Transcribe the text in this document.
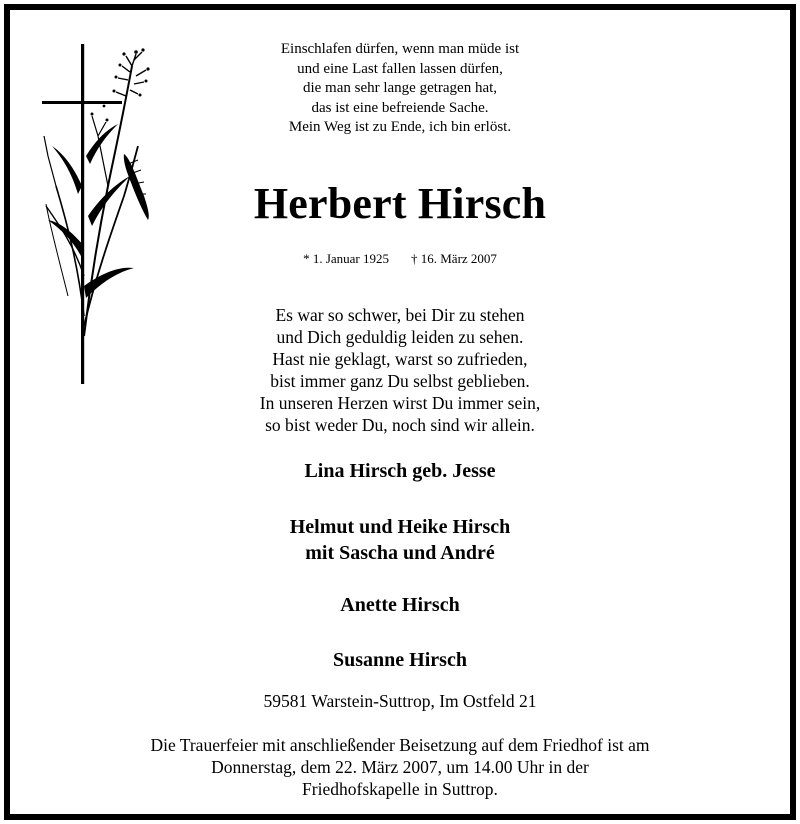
Einschlafen dürfen, wenn man müde ist
und eine Last fallen lassen dürfen,
die man sehr lange getragen hat,
das ist eine befreiende Sache.
Mein Weg ist zu Ende, ich bin erlöst.
Herbert Hirsch
* 1. Januar 1925 † 16. März 2007
Es war so schwer, bei Dir zu stehen
und Dich geduldig leiden zu sehen.
Hast nie geklagt, warst so zufrieden,
bist immer ganz Du selbst geblieben.
In unseren Herzen wirst Du immer sein,
so bist weder Du, noch sind wir allein.
Lina Hirsch geb. Jesse
Helmut und Heike Hirsch
mit Sascha und André
Anette Hirsch
Susanne Hirsch
59581 Warstein-Suttrop, Im Ostfeld 21
Die Trauerfeier mit anschließender Beisetzung auf dem Friedhof ist am
Donnerstag, dem 22. März 2007, um 14.00 Uhr in der
Friedhofskapelle in Suttrop.
